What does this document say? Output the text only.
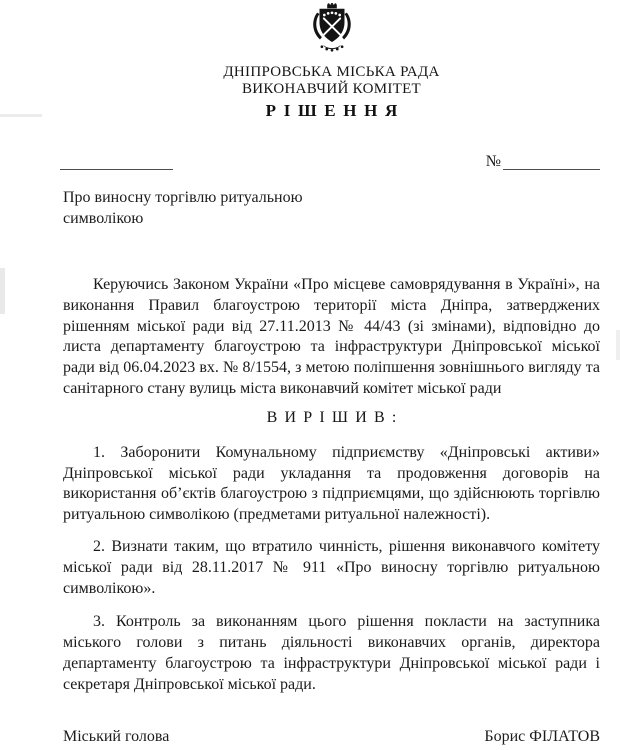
ДНІПРОВСЬКА МІСЬКА РАДА
ВИКОНАВЧИЙ КОМІТЕТ
РІШЕННЯ
№
Про виносну торгівлю ритуальною символікою

Керуючись Законом України «Про місцеве самоврядування в Україні», на виконання Правил благоустрою території міста Дніпра, затверджених рішенням міської ради від 27.11.2013 № 44/43 (зі змінами), відповідно до листа департаменту благоустрою та інфраструктури Дніпровської міської ради від 06.04.2023 вх. № 8/1554, з метою поліпшення зовнішнього вигляду та санітарного стану вулиць міста виконавчий комітет міської ради

ВИРІШИВ:

1. Заборонити Комунальному підприємству «Дніпровські активи» Дніпровської міської ради укладання та продовження договорів на використання об’єктів благоустрою з підприємцями, що здійснюють торгівлю ритуальною символікою (предметами ритуальної належності).

2. Визнати таким, що втратило чинність, рішення виконавчого комітету міської ради від 28.11.2017 № 911 «Про виносну торгівлю ритуальною символікою».

3. Контроль за виконанням цього рішення покласти на заступника міського голови з питань діяльності виконавчих органів, директора департаменту благоустрою та інфраструктури Дніпровської міської ради і секретаря Дніпровської міської ради.

Міський голова	Борис ФІЛАТОВ
